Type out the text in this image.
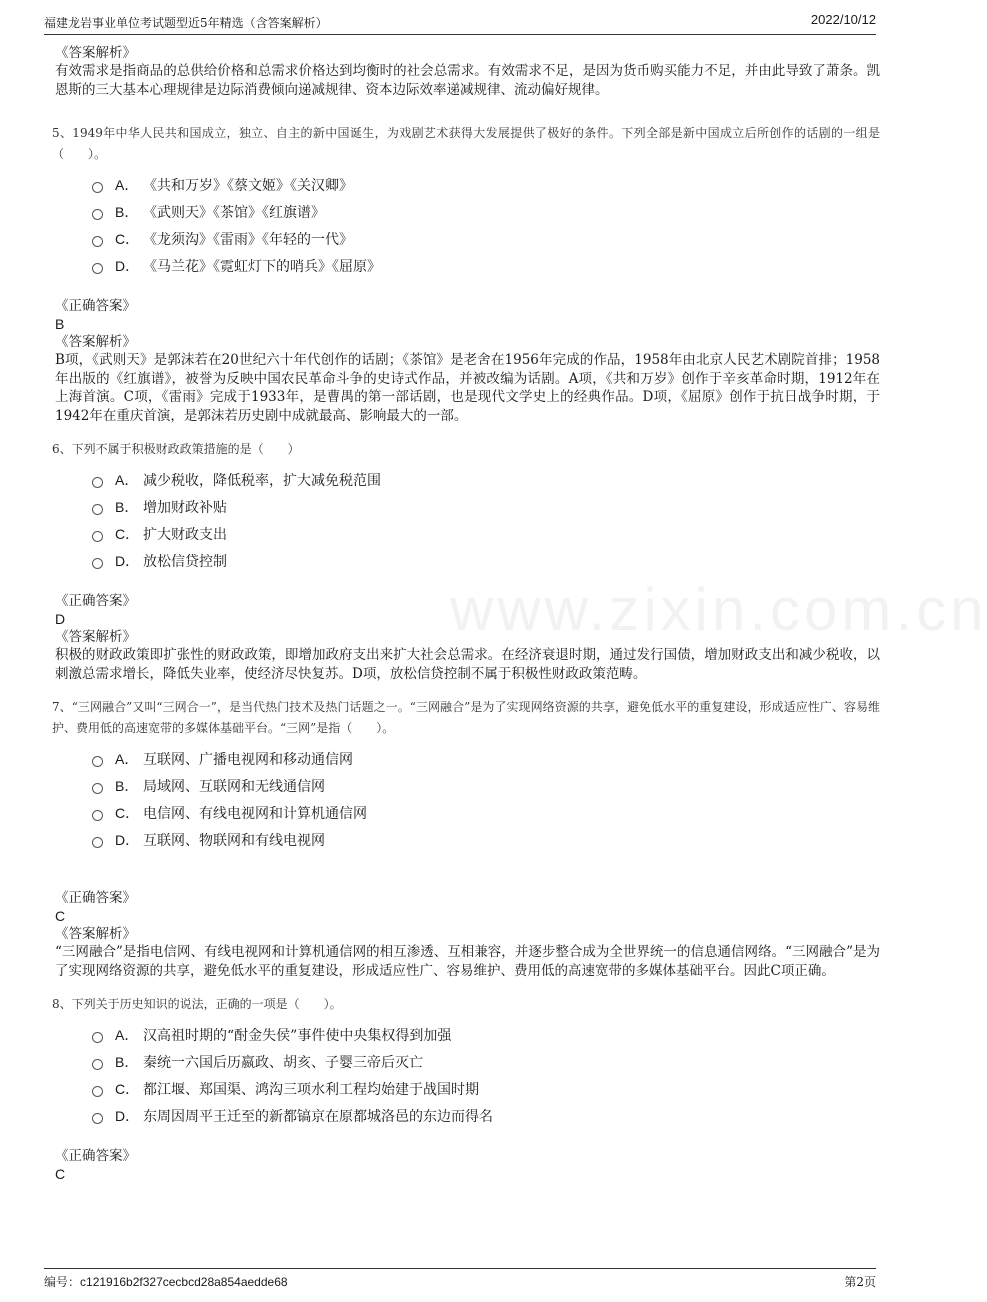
福建龙岩事业单位考试题型近5年精选（含答案解析）	2022/10/12
www.zixin.com.cn
《答案解析》
有效需求是指商品的总供给价格和总需求价格达到均衡时的社会总需求。有效需求不足，是因为货币购买能力不足，并由此导致了萧条。凯恩斯的三大基本心理规律是边际消费倾向递减规律、资本边际效率递减规律、流动偏好规律。
5、1949年中华人民共和国成立，独立、自主的新中国诞生，为戏剧艺术获得大发展提供了极好的条件。下列全部是新中国成立后所创作的话剧的一组是（　　）。
A． 《共和万岁》《蔡文姬》《关汉卿》
B． 《武则天》《茶馆》《红旗谱》
C． 《龙须沟》《雷雨》《年轻的一代》
D． 《马兰花》《霓虹灯下的哨兵》《屈原》
《正确答案》
B
《答案解析》
B项，《武则天》是郭沫若在20世纪六十年代创作的话剧；《茶馆》是老舍在1956年完成的作品，1958年由北京人民艺术剧院首排；1958年出版的《红旗谱》，被誉为反映中国农民革命斗争的史诗式作品，并被改编为话剧。A项，《共和万岁》创作于辛亥革命时期，1912年在上海首演。C项，《雷雨》完成于1933年，是曹禺的第一部话剧，也是现代文学史上的经典作品。D项，《屈原》创作于抗日战争时期，于1942年在重庆首演，是郭沫若历史剧中成就最高、影响最大的一部。
6、下列不属于积极财政政策措施的是（　　）
A． 减少税收，降低税率，扩大减免税范围
B． 增加财政补贴
C． 扩大财政支出
D． 放松信贷控制
《正确答案》
D
《答案解析》
积极的财政政策即扩张性的财政政策，即增加政府支出来扩大社会总需求。在经济衰退时期，通过发行国债，增加财政支出和减少税收，以刺激总需求增长，降低失业率，使经济尽快复苏。D项，放松信贷控制不属于积极性财政政策范畴。
7、“三网融合”又叫“三网合一”，是当代热门技术及热门话题之一。“三网融合”是为了实现网络资源的共享，避免低水平的重复建设，形成适应性广、容易维护、费用低的高速宽带的多媒体基础平台。“三网”是指（　　）。
A． 互联网、广播电视网和移动通信网
B． 局域网、互联网和无线通信网
C． 电信网、有线电视网和计算机通信网
D． 互联网、物联网和有线电视网
《正确答案》
C
《答案解析》
“三网融合”是指电信网、有线电视网和计算机通信网的相互渗透、互相兼容，并逐步整合成为全世界统一的信息通信网络。“三网融合”是为了实现网络资源的共享，避免低水平的重复建设，形成适应性广、容易维护、费用低的高速宽带的多媒体基础平台。因此C项正确。
8、下列关于历史知识的说法，正确的一项是（　　）。
A． 汉高祖时期的“酎金失侯”事件使中央集权得到加强
B． 秦统一六国后历嬴政、胡亥、子婴三帝后灭亡
C． 都江堰、郑国渠、鸿沟三项水利工程均始建于战国时期
D． 东周因周平王迁至的新都镐京在原都城洛邑的东边而得名
《正确答案》
C
编号：c121916b2f327cecbcd28a854aedde68	第2页
